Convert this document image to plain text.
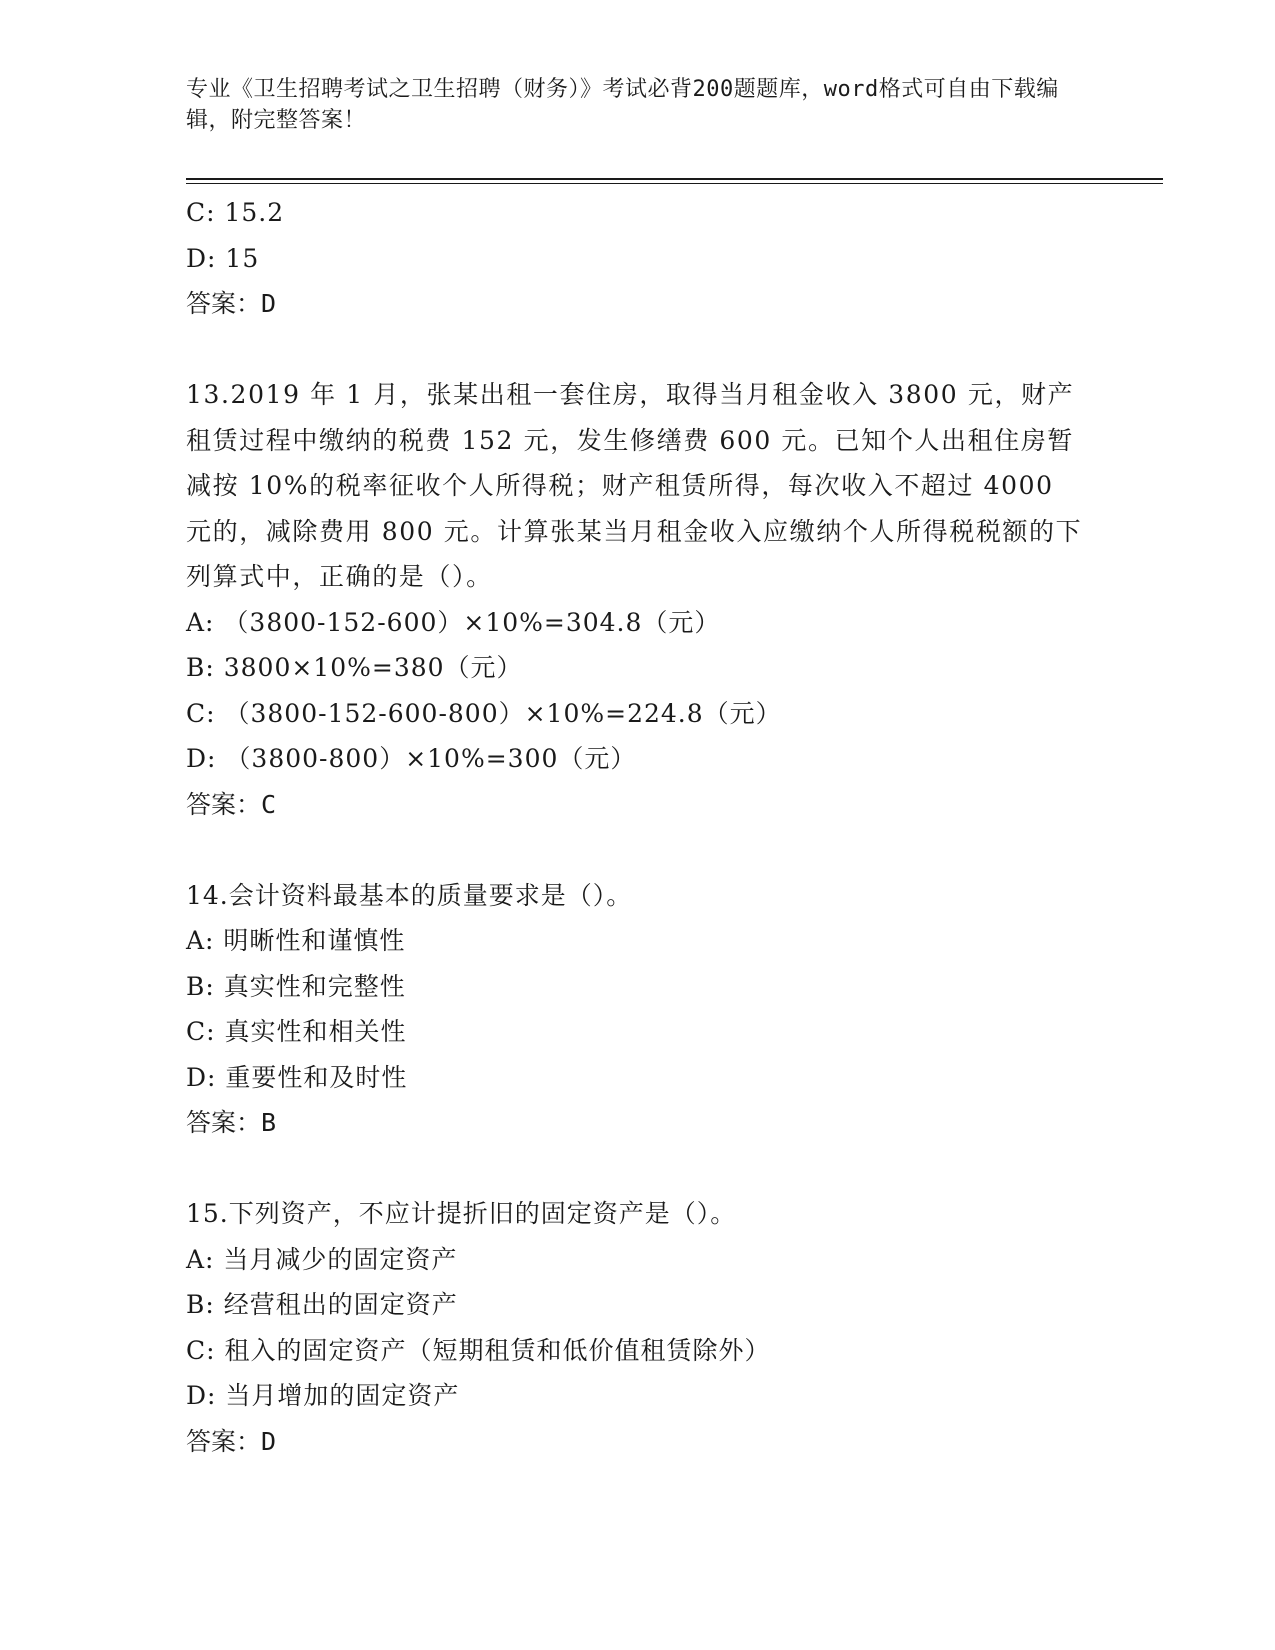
专业《卫生招聘考试之卫生招聘（财务）》考试必背200题题库，word格式可自由下载编辑，附完整答案！
C: 15.2
D: 15
答案：D
13.2019 年 1 月，张某出租一套住房，取得当月租金收入 3800 元，财产租赁过程中缴纳的税费 152 元，发生修缮费 600 元。已知个人出租住房暂减按 10%的税率征收个人所得税；财产租赁所得，每次收入不超过 4000 元的，减除费用 800 元。计算张某当月租金收入应缴纳个人所得税税额的下列算式中，正确的是（）。
A: （3800-152-600）×10%=304.8（元）
B: 3800×10%=380（元）
C: （3800-152-600-800）×10%=224.8（元）
D: （3800-800）×10%=300（元）
答案：C
14.会计资料最基本的质量要求是（）。
A: 明晰性和谨慎性
B: 真实性和完整性
C: 真实性和相关性
D: 重要性和及时性
答案：B
15.下列资产，不应计提折旧的固定资产是（）。
A: 当月减少的固定资产
B: 经营租出的固定资产
C: 租入的固定资产（短期租赁和低价值租赁除外）
D: 当月增加的固定资产
答案：D
